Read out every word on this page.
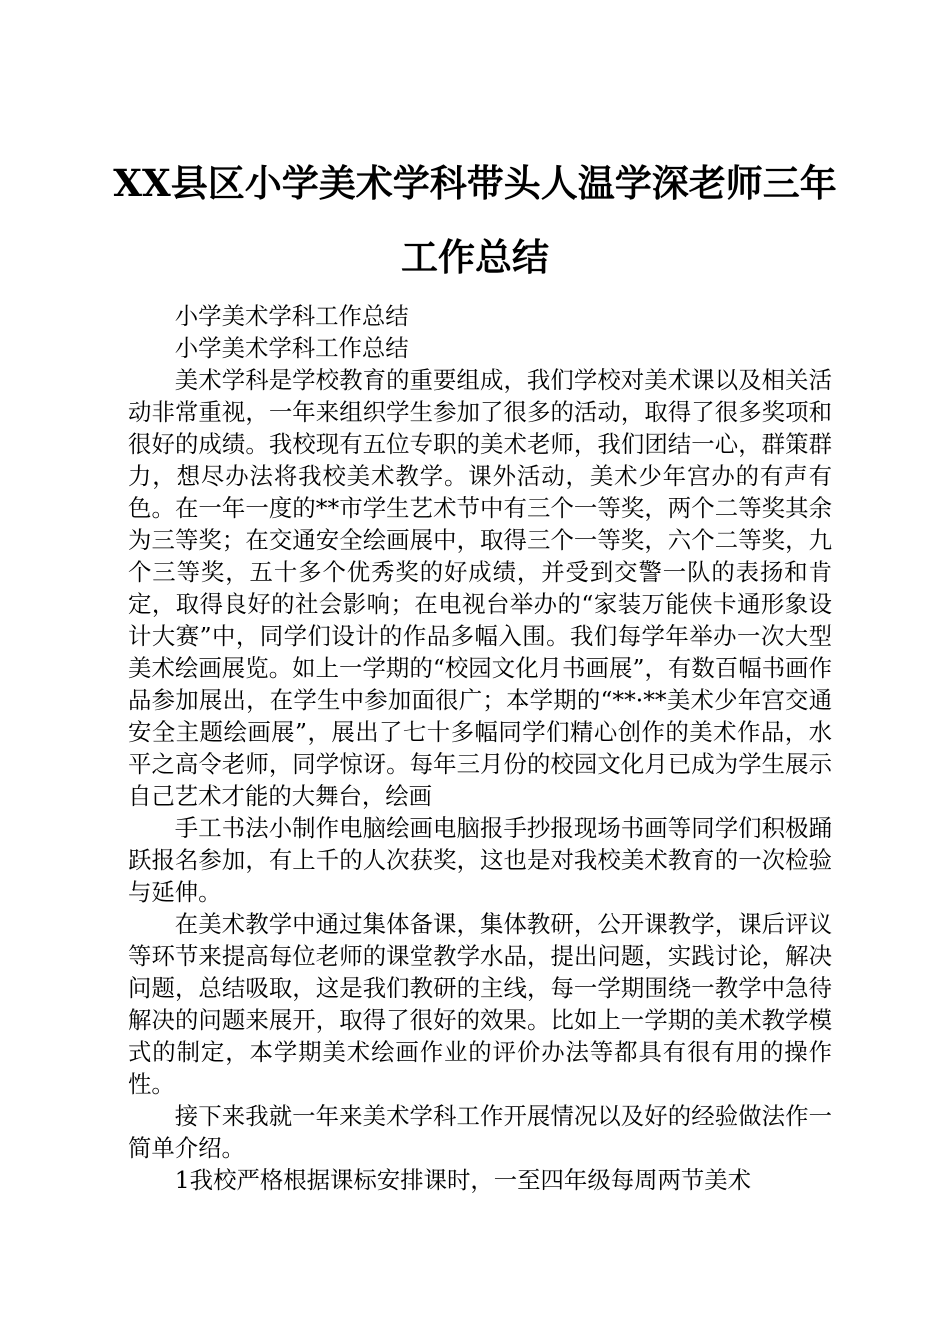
XX县区小学美术学科带头人温学深老师三年工作总结

小学美术学科工作总结

小学美术学科工作总结

美术学科是学校教育的重要组成，我们学校对美术课以及相关活动非常重视，一年来组织学生参加了很多的活动，取得了很多奖项和很好的成绩。我校现有五位专职的美术老师，我们团结一心，群策群力，想尽办法将我校美术教学。课外活动，美术少年宫办的有声有色。在一年一度的**市学生艺术节中有三个一等奖，两个二等奖其余为三等奖；在交通安全绘画展中，取得三个一等奖，六个二等奖，九个三等奖，五十多个优秀奖的好成绩，并受到交警一队的表扬和肯定，取得良好的社会影响；在电视台举办的“家装万能侠卡通形象设计大赛”中，同学们设计的作品多幅入围。我们每学年举办一次大型美术绘画展览。如上一学期的“校园文化月书画展”，有数百幅书画作品参加展出，在学生中参加面很广；本学期的“**·**美术少年宫交通安全主题绘画展”，展出了七十多幅同学们精心创作的美术作品，水平之高令老师，同学惊讶。每年三月份的校园文化月已成为学生展示自己艺术才能的大舞台，绘画

手工书法小制作电脑绘画电脑报手抄报现场书画等同学们积极踊跃报名参加，有上千的人次获奖，这也是对我校美术教育的一次检验与延伸。

在美术教学中通过集体备课，集体教研，公开课教学，课后评议等环节来提高每位老师的课堂教学水品，提出问题，实践讨论，解决问题，总结吸取，这是我们教研的主线，每一学期围绕一教学中急待解决的问题来展开，取得了很好的效果。比如上一学期的美术教学模式的制定，本学期美术绘画作业的评价办法等都具有很有用的操作性。

接下来我就一年来美术学科工作开展情况以及好的经验做法作一简单介绍。

1我校严格根据课标安排课时，一至四年级每周两节美术
